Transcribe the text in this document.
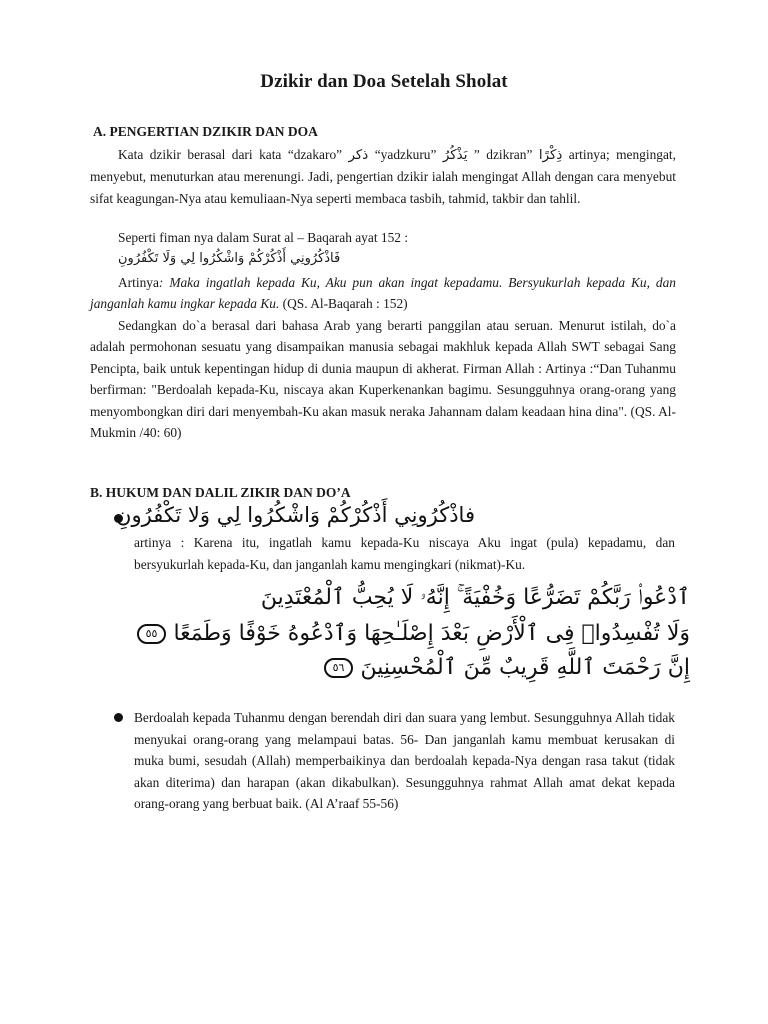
Dzikir dan Doa Setelah Sholat
A. PENGERTIAN DZIKIR DAN DOA
Kata dzikir berasal dari kata “dzakaro” ذكر “yadzkuru” يَذْكُرُ ” dzikran” ذِكْرًا artinya; mengingat, menyebut, menuturkan atau merenungi. Jadi, pengertian dzikir ialah mengingat Allah dengan cara menyebut sifat keagungan-Nya atau kemuliaan-Nya seperti membaca tasbih, tahmid, takbir dan tahlil.
Seperti fiman nya dalam Surat al – Baqarah ayat 152 :
فَاذْكُرُونِي أَذْكُرْكُمْ وَاشْكُرُوا لِي وَلَا تَكْفُرُونِ
Artinya: Maka ingatlah kepada Ku, Aku pun akan ingat kepadamu. Bersyukurlah kepada Ku, dan janganlah kamu ingkar kepada Ku. (QS. Al-Baqarah : 152)
Sedangkan do`a berasal dari bahasa Arab yang berarti panggilan atau seruan. Menurut istilah, do`a adalah permohonan sesuatu yang disampaikan manusia sebagai makhluk kepada Allah SWT sebagai Sang Pencipta, baik untuk kepentingan hidup di dunia maupun di akherat. Firman Allah : Artinya :“Dan Tuhanmu berfirman: "Berdoalah kepada-Ku, niscaya akan Kuperkenankan bagimu. Sesungguhnya orang-orang yang menyombongkan diri dari menyembah-Ku akan masuk neraka Jahannam dalam keadaan hina dina". (QS. Al-Mukmin /40: 60)
B. HUKUM DAN DALIL ZIKIR DAN DO’A
فاذْكُرُونِي أَذْكُرْكُمْ وَاشْكُرُوا لِي وَلا تَكْفُرُونِ
artinya : Karena itu, ingatlah kamu kepada-Ku niscaya Aku ingat (pula) kepadamu, dan bersyukurlah kepada-Ku, dan janganlah kamu mengingkari (nikmat)-Ku.
ٱدْعُوا۟ رَبَّكُمْ تَضَرُّعًا وَخُفْيَةً ۚ إِنَّهُۥ لَا يُحِبُّ ٱلْمُعْتَدِينَ
وَلَا تُفْسِدُوا۟ فِى ٱلْأَرْضِ بَعْدَ إِصْلَـٰحِهَا وَٱدْعُوهُ خَوْفًا وَطَمَعًا ٥٥
إِنَّ رَحْمَتَ ٱللَّهِ قَرِيبٌ مِّنَ ٱلْمُحْسِنِينَ ٥٦
Berdoalah kepada Tuhanmu dengan berendah diri dan suara yang lembut. Sesungguhnya Allah tidak menyukai orang-orang yang melampaui batas. 56- Dan janganlah kamu membuat kerusakan di muka bumi, sesudah (Allah) memperbaikinya dan berdoalah kepada-Nya dengan rasa takut (tidak akan diterima) dan harapan (akan dikabulkan). Sesungguhnya rahmat Allah amat dekat kepada orang-orang yang berbuat baik. (Al A’raaf 55-56)
